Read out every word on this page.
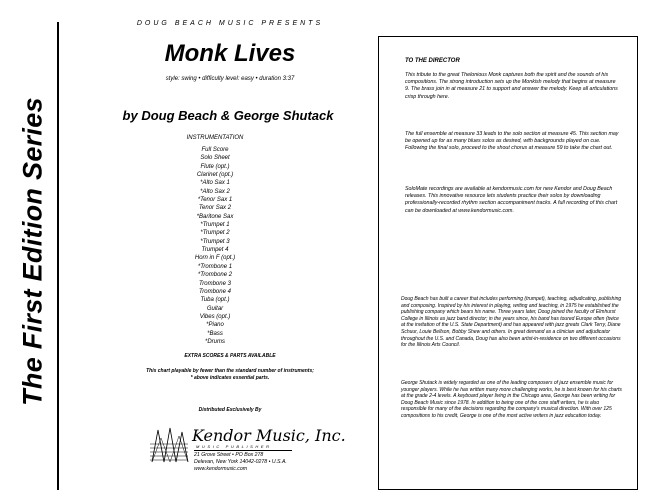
The First Edition Series
DOUG BEACH MUSIC PRESENTS
Monk Lives
style: swing • difficulty level: easy • duration 3:37
by Doug Beach & George Shutack
INSTRUMENTATION
Full Score
Solo Sheet
Flute (opt.)
Clarinet (opt.)
*Alto Sax 1
*Alto Sax 2
*Tenor Sax 1
Tenor Sax 2
*Baritone Sax
*Trumpet 1
*Trumpet 2
*Trumpet 3
Trumpet 4
Horn in F (opt.)
*Trombone 1
*Trombone 2
Trombone 3
Trombone 4
Tuba (opt.)
Guitar
Vibes (opt.)
*Piano
*Bass
*Drums
EXTRA SCORES & PARTS AVAILABLE
This chart playable by fewer than the standard number of instruments;
* above indicates essential parts.
Distributed Exclusively By
Kendor Music, Inc.
MUSIC PUBLISHER
21 Grove Street • PO Box 278
Delevan, New York 14042-0278 • U.S.A.
www.kendormusic.com
TO THE DIRECTOR
This tribute to the great Thelonious Monk captures both the spirit and the sounds of his compositions. The strong introduction sets up the Monkish melody that begins at measure 9. The brass join in at measure 21 to support and answer the melody. Keep all articulations crisp through here.
The full ensemble at measure 33 leads to the solo section at measure 45. This section may be opened up for as many blues solos as desired, with backgrounds played on cue. Following the final solo, proceed to the shout chorus at measure 59 to take the chart out.
SoloMate recordings are available at kendormusic.com for new Kendor and Doug Beach releases. This innovative resource lets students practice their solos by downloading professionally-recorded rhythm section accompaniment tracks. A full recording of this chart can be downloaded at www.kendormusic.com.
Doug Beach has built a career that includes performing (trumpet), teaching, adjudicating, publishing and composing. Inspired by his interest in playing, writing and teaching, in 1975 he established the publishing company which bears his name. Three years later, Doug joined the faculty of Elmhurst College in Illinois as jazz band director; in the years since, his band has toured Europe often (twice at the invitation of the U.S. State Department) and has appeared with jazz greats Clark Terry, Diane Schuur, Louie Bellson, Bobby Shew and others. In great demand as a clinician and adjudicator throughout the U.S. and Canada, Doug has also been artist-in-residence on two different occasions for the Illinois Arts Council.
George Shutack is widely regarded as one of the leading composers of jazz ensemble music for younger players. While he has written many more challenging works, he is best known for his charts at the grade 2-4 levels. A keyboard player living in the Chicago area, George has been writing for Doug Beach Music since 1978. In addition to being one of the core staff writers, he is also responsible for many of the decisions regarding the company's musical direction. With over 125 compositions to his credit, George is one of the most active writers in jazz education today.
